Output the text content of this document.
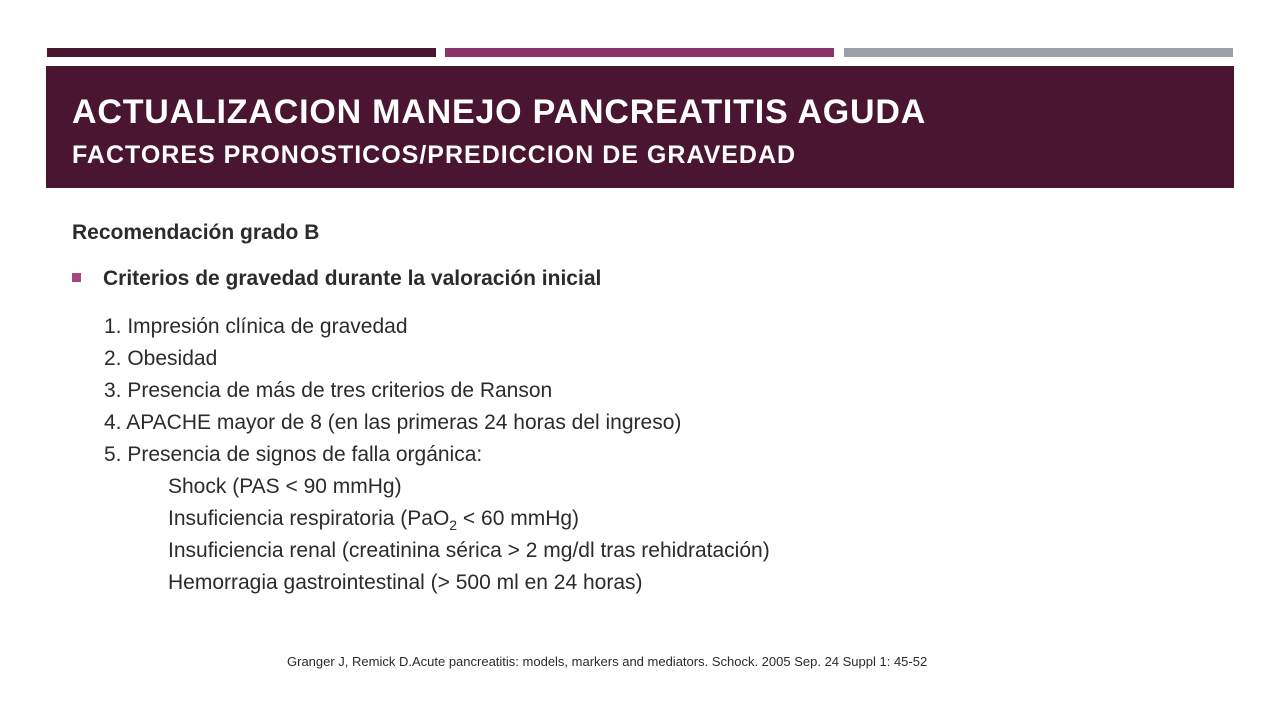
ACTUALIZACION MANEJO PANCREATITIS AGUDA
FACTORES PRONOSTICOS/PREDICCION DE GRAVEDAD
Recomendación grado B
Criterios de gravedad durante la valoración inicial
1. Impresión clínica de gravedad
2. Obesidad
3. Presencia de más de tres criterios de Ranson
4. APACHE mayor de 8 (en las primeras 24 horas del ingreso)
5. Presencia de signos de falla orgánica:
Shock (PAS < 90 mmHg)
Insuficiencia respiratoria (PaO$_2$ < 60 mmHg)
Insuficiencia renal (creatinina sérica > 2 mg/dl tras rehidratación)
Hemorragia gastrointestinal (> 500 ml en 24 horas)
Granger J, Remick D.Acute pancreatitis: models, markers and mediators. Schock. 2005 Sep. 24 Suppl 1: 45-52
